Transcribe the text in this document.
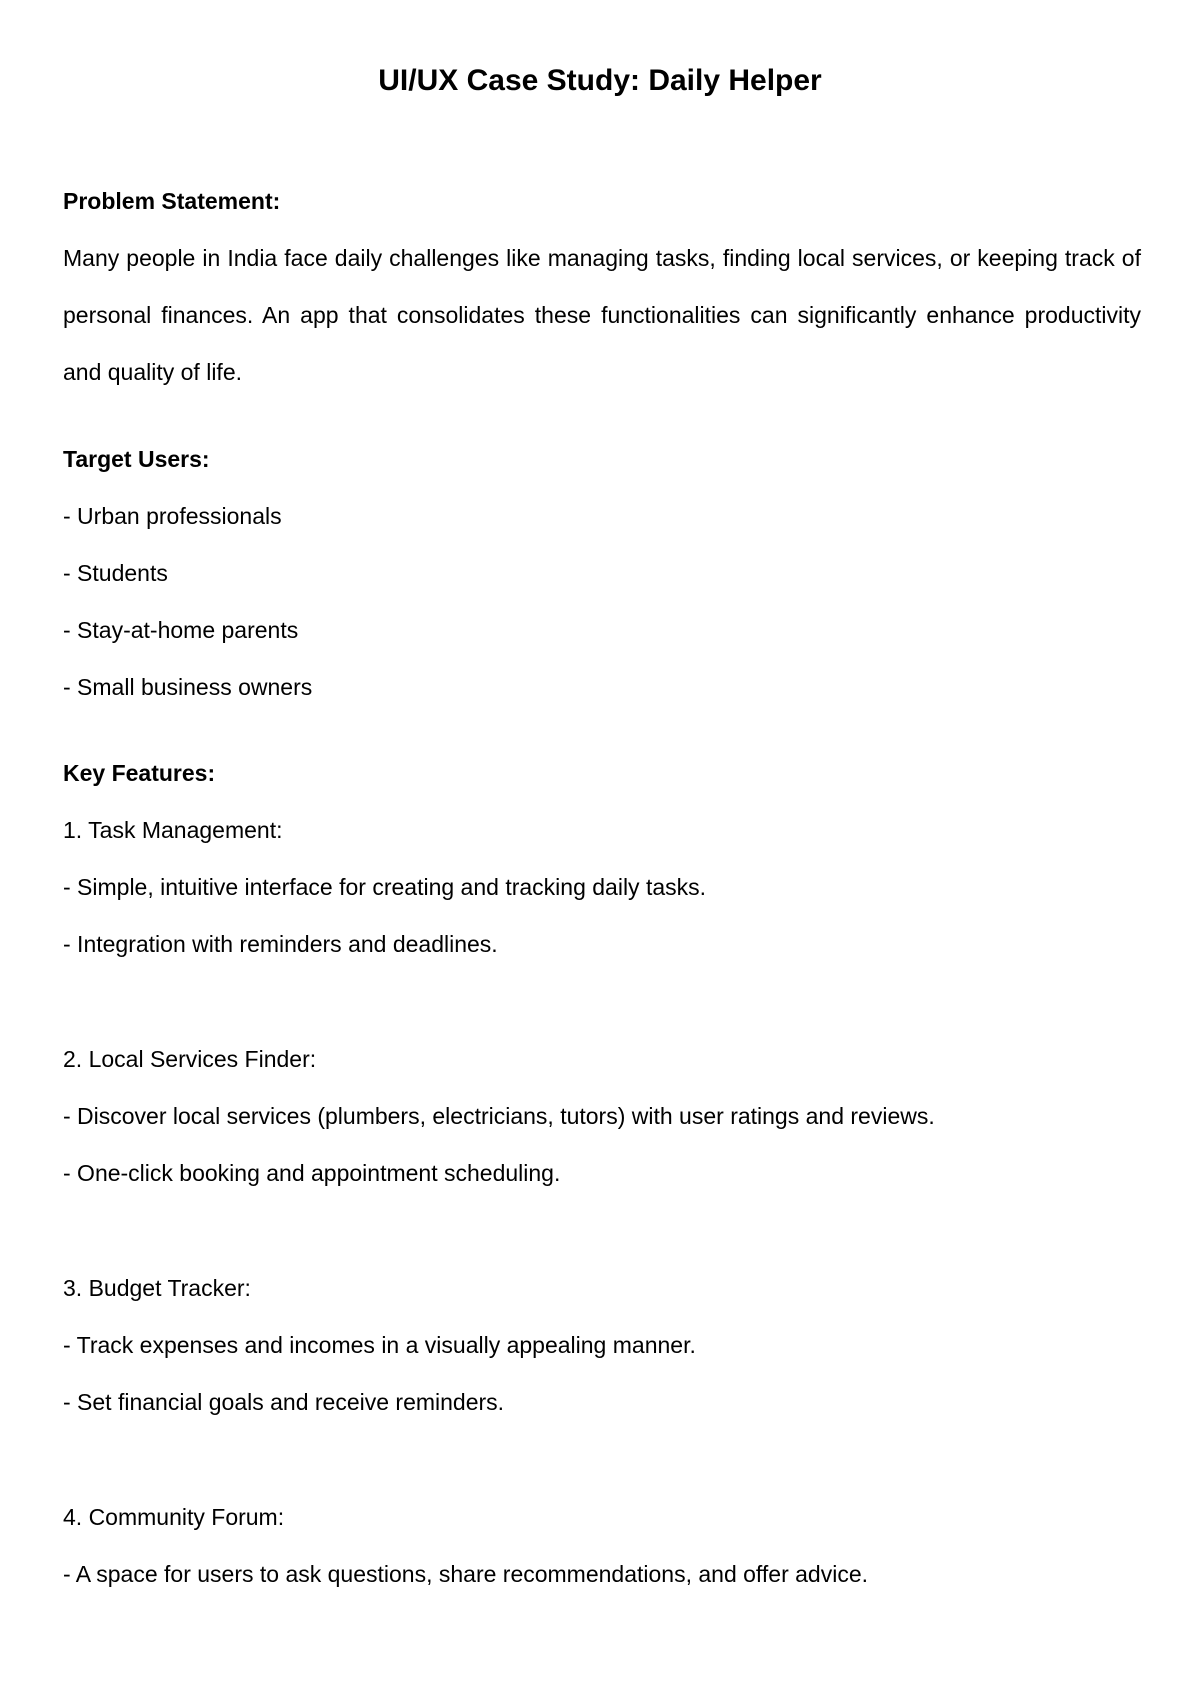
UI/UX Case Study: Daily Helper
Problem Statement:

Many people in India face daily challenges like managing tasks, finding local services, or keeping track of personal finances. An app that consolidates these functionalities can significantly enhance productivity and quality of life.

Target Users:
- Urban professionals
- Students
- Stay-at-home parents
- Small business owners
Key Features:
1. Task Management:
- Simple, intuitive interface for creating and tracking daily tasks.
- Integration with reminders and deadlines.
2. Local Services Finder:
- Discover local services (plumbers, electricians, tutors) with user ratings and reviews.
- One-click booking and appointment scheduling.
3. Budget Tracker:
- Track expenses and incomes in a visually appealing manner.
- Set financial goals and receive reminders.
4. Community Forum:
- A space for users to ask questions, share recommendations, and offer advice.
